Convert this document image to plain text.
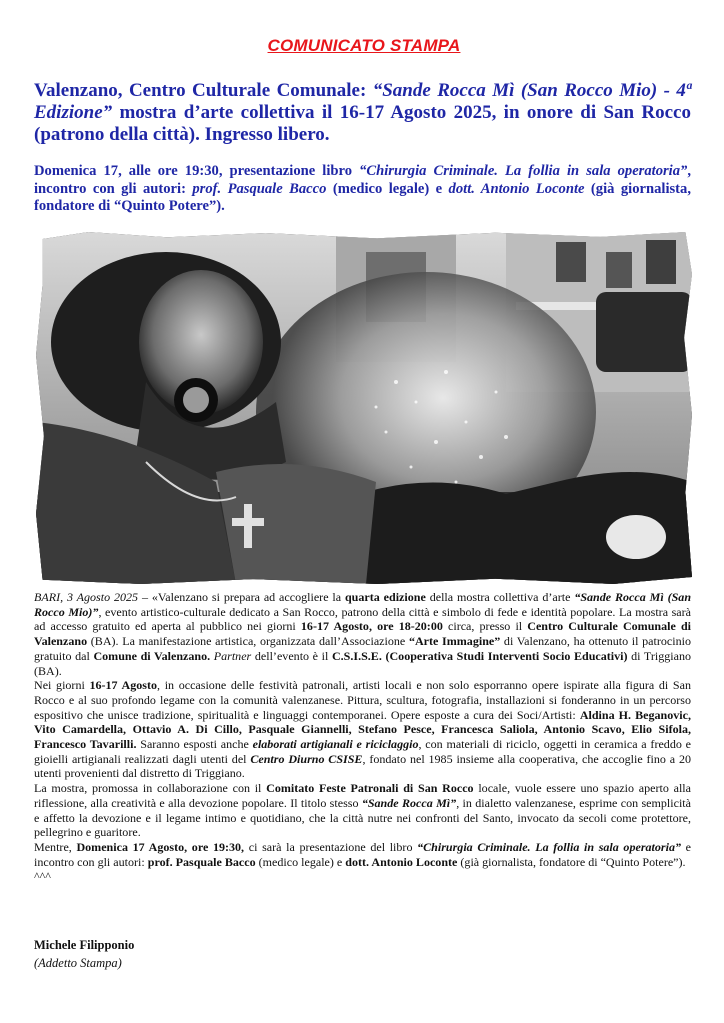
COMUNICATO STAMPA
Valenzano, Centro Culturale Comunale: “Sande Rocca Mì (San Rocco Mio) - 4ª Edizione” mostra d’arte collettiva il 16-17 Agosto 2025, in onore di San Rocco (patrono della città). Ingresso libero.
Domenica 17, alle ore 19:30, presentazione libro “Chirurgia Criminale. La follia in sala operatoria”, incontro con gli autori: prof. Pasquale Bacco (medico legale) e dott. Antonio Loconte (già giornalista, fondatore di “Quinto Potere”).

BARI, 3 Agosto 2025 – «Valenzano si prepara ad accogliere la quarta edizione della mostra collettiva d’arte “Sande Rocca Mì (San Rocco Mio)”, evento artistico-culturale dedicato a San Rocco, patrono della città e simbolo di fede e identità popolare. La mostra sarà ad accesso gratuito ed aperta al pubblico nei giorni 16-17 Agosto, ore 18-20:00 circa, presso il Centro Culturale Comunale di Valenzano (BA). La manifestazione artistica, organizzata dall’Associazione “Arte Immagine” di Valenzano, ha ottenuto il patrocinio gratuito dal Comune di Valenzano. Partner dell’evento è il C.S.I.S.E. (Cooperativa Studi Interventi Socio Educativi) di Triggiano (BA).

Nei giorni 16-17 Agosto, in occasione delle festività patronali, artisti locali e non solo esporranno opere ispirate alla figura di San Rocco e al suo profondo legame con la comunità valenzanese. Pittura, scultura, fotografia, installazioni si fonderanno in un percorso espositivo che unisce tradizione, spiritualità e linguaggi contemporanei. Opere esposte a cura dei Soci/Artisti: Aldina H. Beganovic, Vito Camardella, Ottavio A. Di Cillo, Pasquale Giannelli, Stefano Pesce, Francesca Saliola, Antonio Scavo, Elio Sifola, Francesco Tavarilli. Saranno esposti anche elaborati artigianali e riciclaggio, con materiali di riciclo, oggetti in ceramica a freddo e gioielli artigianali realizzati dagli utenti del Centro Diurno CSISE, fondato nel 1985 insieme alla cooperativa, che accoglie fino a 20 utenti provenienti dal distretto di Triggiano.

La mostra, promossa in collaborazione con il Comitato Feste Patronali di San Rocco locale, vuole essere uno spazio aperto alla riflessione, alla creatività e alla devozione popolare. Il titolo stesso “Sande Rocca Mì”, in dialetto valenzanese, esprime con semplicità e affetto la devozione e il legame intimo e quotidiano, che la città nutre nei confronti del Santo, invocato da secoli come protettore, pellegrino e guaritore.

Mentre, Domenica 17 Agosto, ore 19:30, ci sarà la presentazione del libro “Chirurgia Criminale. La follia in sala operatoria” e incontro con gli autori: prof. Pasquale Bacco (medico legale) e dott. Antonio Loconte (già giornalista, fondatore di “Quinto Potere”).

^^^

Michele Filipponio
(Addetto Stampa)
